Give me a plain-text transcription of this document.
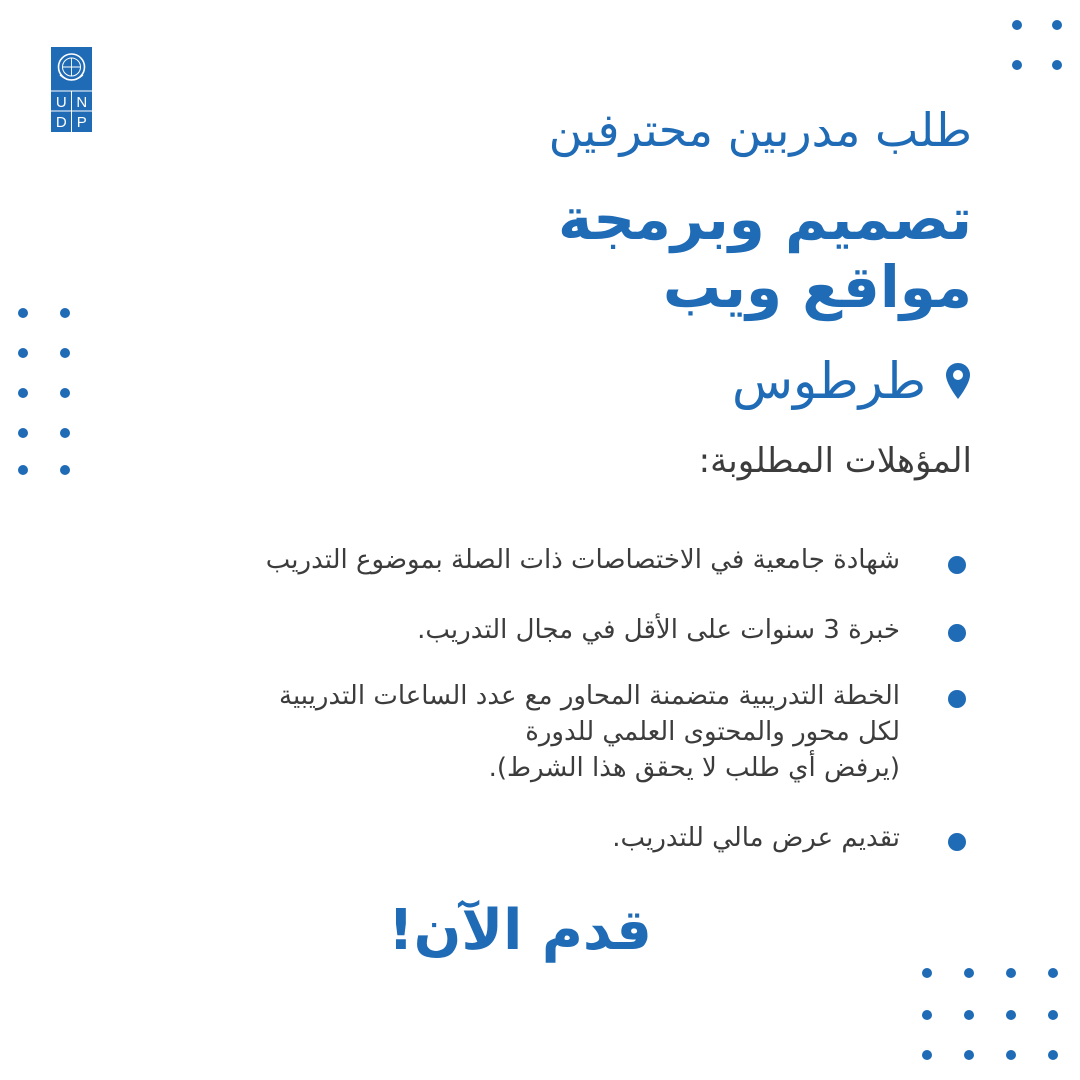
U N
D P	طلب مدربين محترفين
تصميم وبرمجة
مواقع ويب
طرطوس
المؤهلات المطلوبة:
شهادة جامعية في الاختصاصات ذات الصلة بموضوع التدريب
خبرة 3 سنوات على الأقل في مجال التدريب.
الخطة التدريبية متضمنة المحاور مع عدد الساعات التدريبية
لكل محور والمحتوى العلمي للدورة
(يرفض أي طلب لا يحقق هذا الشرط).
تقديم عرض مالي للتدريب.
قدم الآن!
